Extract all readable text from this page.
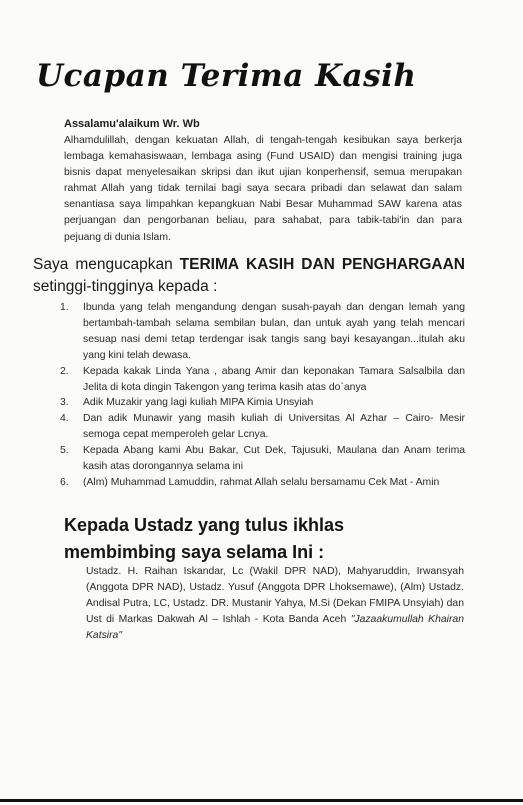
Ucapan Terima Kasih

Assalamu'alaikum Wr. Wb

Alhamdulillah, dengan kekuatan Allah, di tengah-tengah kesibukan saya berkerja lembaga kemahasiswaan, lembaga asing (Fund USAID) dan mengisi training juga bisnis dapat menyelesaikan skripsi dan ikut ujian konperhensif, semua merupakan rahmat Allah yang tidak ternilai bagi saya secara pribadi dan selawat dan salam senantiasa saya limpahkan kepangkuan Nabi Besar Muhammad SAW karena atas perjuangan dan pengorbanan beliau, para sahabat, para tabik-tabi'in dan para pejuang di dunia Islam.

Saya mengucapkan TERIMA KASIH DAN PENGHARGAAN
setinggi-tingginya kepada :
1. Ibunda yang telah mengandung dengan susah-payah dan dengan lemah yang bertambah-tambah selama sembilan bulan, dan untuk ayah yang telah mencari sesuap nasi demi tetap terdengar isak tangis sang bayi kesayangan...itulah aku yang kini telah dewasa.
2. Kepada kakak Linda Yana , abang Amir dan keponakan Tamara Salsalbila dan Jelita di kota dingin Takengon yang terima kasih atas do`anya
3. Adik Muzakir yang lagi kuliah MIPA Kimia Unsyiah
4. Dan adik Munawir yang masih kuliah di Universitas Al Azhar – Cairo- Mesir semoga cepat memperoleh gelar Lcnya.
5. Kepada Abang kami Abu Bakar, Cut Dek, Tajusuki, Maulana dan Anam terima kasih atas dorongannya selama ini
6. (Alm) Muhammad Lamuddin, rahmat Allah selalu bersamamu Cek Mat - Amin
Kepada Ustadz yang tulus ikhlas
membimbing saya selama Ini :

Ustadz. H. Raihan Iskandar, Lc (Wakil DPR NAD), Mahyaruddin, Irwansyah (Anggota DPR NAD), Ustadz. Yusuf (Anggota DPR Lhoksemawe), (Alm) Ustadz. Andisal Putra, LC, Ustadz. DR. Mustanir Yahya, M.Si (Dekan FMIPA Unsyiah) dan Ust di Markas Dakwah Al – Ishlah - Kota Banda Aceh "Jazaakumullah Khairan Katsira"
